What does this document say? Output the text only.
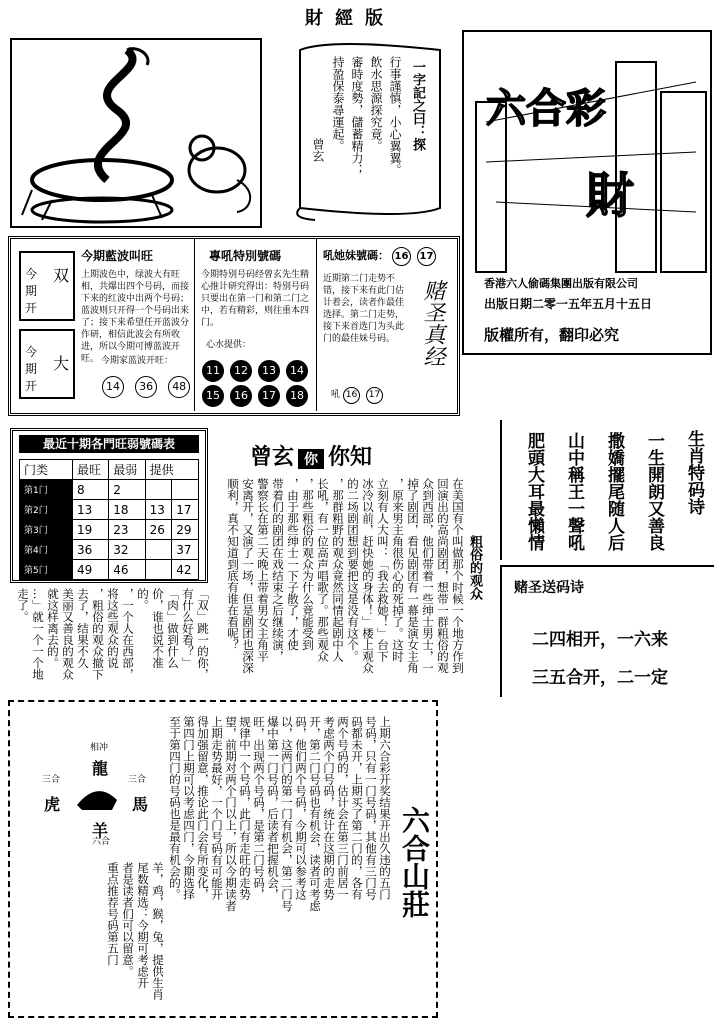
財經版
一字記之曰：探
行事謹慎，小心翼翼。
飲水思源探究竟。
審時度勢，儲蓄精力；
持盈保泰尋運起。
曾玄
六合彩
財
香港六人偷碼集團出版有限公司
出版日期二零一五年五月十五日
版權所有，翻印必究
今期藍波叫旺
今期开
双
今期开
大
上期波色中，绿波大有旺相，共爆出四个号码，而接下来的红波中出两个号码；蓝波则只开得一个号码出来了；接下来希望任开蓝波分作研，相信此波会有所收进，所以今期可博蓝波开旺。 今期家蓝波开旺：
14 36 48
專吼特別號碼
今期特别号码经曾玄先生精心推计研究得出：特别号码只要出在第一门和第二门之中，若有精彩，则往重本四门。
心水提供：
11 12 13 1415 16 17 18
吼她妹號碼： 16 17
近期第二门走势不错，接下来有此门估计着会，读者作最佳选择。第二门走势，接下来首选门为头此门的最佳妹号码。
吼 16 17
赌圣真经
最近十期各門旺弱號碼表
门类	最旺	最弱	提供	
第1门	8	2		
第2门	13	18	13	17
第3门	19	23	26	29
第4门	36	32		37
第5门	49	46		42
曾玄 你 你知
粗俗的观众
在美国有个叫做那个时候一个地方作到
回演出的高尚剧团，想带一群粗俗的观
众到西部，他们带着一些绅士男士，一
掉了剧团，看见剧团有一幕是演女主角
，原来男主角很伤心的死掉了。这时
立刻有人大叫：「我去救她！」台下
冰冷以前，赶快她的身体！」楼上观众
的二场剧团想到要把这是没有这个。
，那群粗野的观众竟然同情起剧中人
长吼，有一位高声唱歌了。那些观众
，那些粗俗的观众为什么竟能受到
，由于那些绅士一下子散了，才使
带着们的剧团在戏结束之后继续演，
警察长在第二天晚上带着男女主角平
安离开，又演了一场，但是剧团也深深
顺利，真不知道到底有谁在看呢？
「双」跳一的你，有什么好看？」
「肉」做到什么价，谁也说不准的。
，一个人在西部，将这些观众的说
，粗俗的观众撤下去了，结果不久
美丽又善良的观众就这样离去的。
…」就一个一个地走了。
生肖特码诗
一生開朗又善良
撒嬌擺尾随人后
山中稱王一聲吼
肥頭大耳最懶情
赌圣送码诗
二四相开，一六来
三五合开，二一定
相冲
龍
三合
虎
三合
馬
羊
六合	上期六合彩开奖结果开出久违的五门
号码，只有一门号码，其他有三门号
码都未开，上期买了第二门的，各有
两个号码的，估计会在第三门前居一
考虑两个门号码，统计在这期的走势
开，第二门号码也有机会，读者可考虑
码，他们两个号码，今期可以参考这
以，这两门的第一门有机会，第二门号
爆中第一门号码，后读者把握机会，
旺，出现两个号码，是第二门号码，
规律中一个号码，此门有走旺的走势
望，前期对两个门以上，所以今期读者
上期走势最好，一个门号码有可能开
得加强留意，推论此门会有所变化，
第四门上期可以考虑四门，今期选择
至于第四门的号码也是最有机会的。
羊，鸡，猴，兔，提供生肖
尾数精选：今期可考虑开
者是读者们可以留意。
重点推荐号码第五门	六合山莊
